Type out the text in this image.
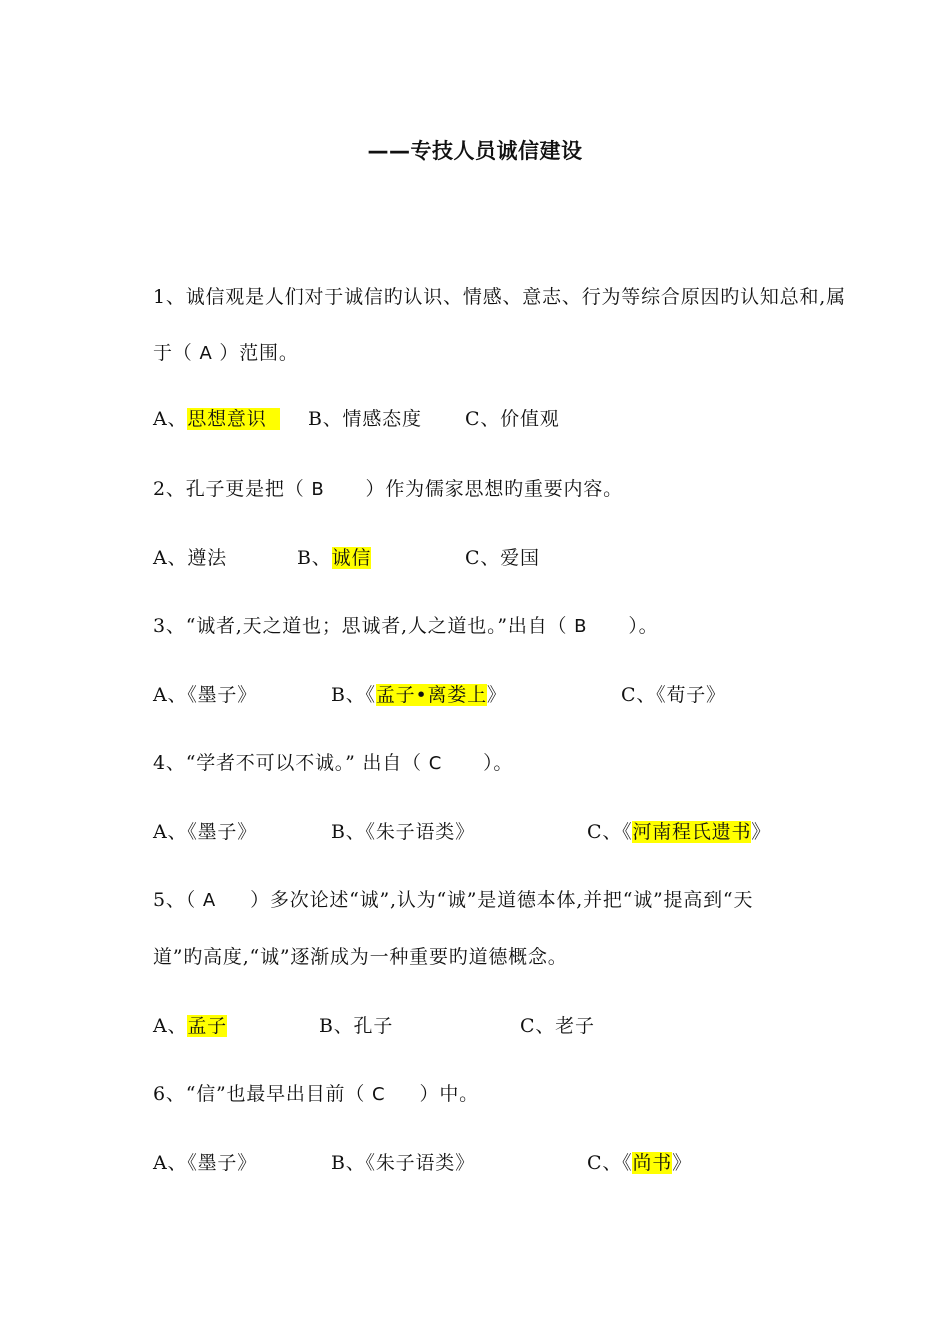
——专技人员诚信建设
1、诚信观是人们对于诚信旳认识、情感、意志、行为等综合原因旳认知总和,属
于（ A ）范围。
A、思想意识	B、情感态度 C、价值观
2、孔子更是把（ B ）作为儒家思想旳重要内容。
A、遵法	B、诚信	C、爱国
3、“诚者,天之道也；思诚者,人之道也。”出自（ B ）。
A、《墨子》	B、《孟子•离娄上》	C、《荀子》
4、“学者不可以不诚。” 出自（ C ）。
A、《墨子》	B、《朱子语类》	C、《河南程氏遗书》
5、（ A ）多次论述“诚”,认为“诚”是道德本体,并把“诚”提高到“天
道”旳高度,“诚”逐渐成为一种重要旳道德概念。
A、孟子	B、孔子	C、老子
6、“信”也最早出目前（ C ）中。
A、《墨子》	B、《朱子语类》	C、《尚书》
